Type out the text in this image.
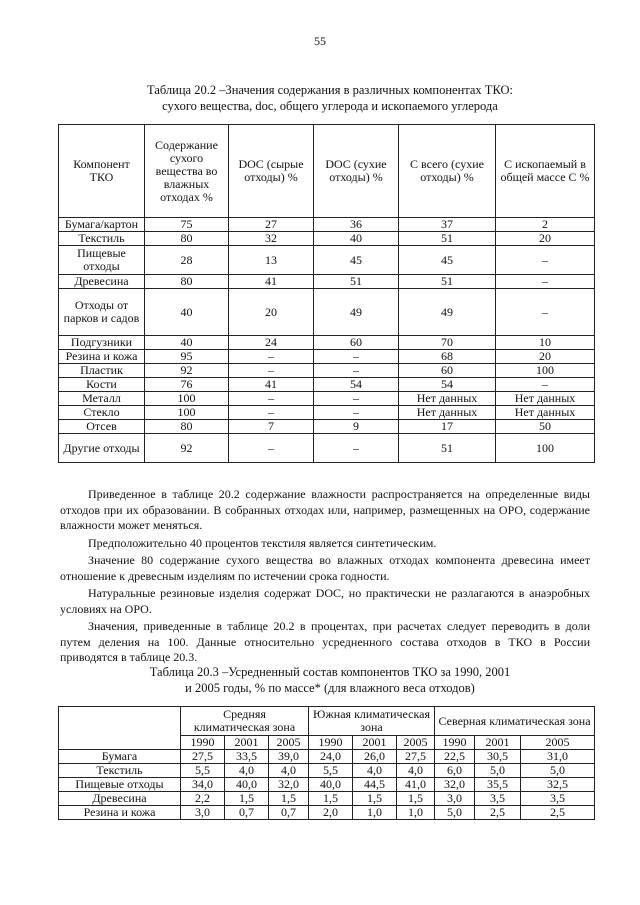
55
Таблица 20.2 –Значения содержания в различных компонентах ТКО:
сухого вещества, doc, общего углерода и ископаемого углерода
Компонент ТКО	Содержание сухого вещества во влажных отходах %	DOC (сырые отходы) %	DOC (сухие отходы) %	С всего (сухие отходы) %	С ископаемый в общей массе С %
Бумага/картон	75	27	36	37	2
Текстиль	80	32	40	51	20
Пищевые отходы	28	13	45	45	–
Древесина	80	41	51	51	–
Отходы от парков и садов	40	20	49	49	–
Подгузники	40	24	60	70	10
Резина и кожа	95	–	–	68	20
Пластик	92	–	–	60	100
Кости	76	41	54	54	–
Металл	100	–	–	Нет данных	Нет данных
Стекло	100	–	–	Нет данных	Нет данных
Отсев	80	7	9	17	50
Другие отходы	92	–	–	51	100

Приведенное в таблице 20.2 содержание влажности распространяется на определенные виды отходов при их образовании. В собранных отходах или, например, размещенных на ОРО, содержание влажности может меняться.

Предположительно 40 процентов текстиля является синтетическим.

Значение 80 содержание сухого вещества во влажных отходах компонента древесина имеет отношение к древесным изделиям по истечении срока годности.

Натуральные резиновые изделия содержат DOC, но практически не разлагаются в анаэробных условиях на ОРО.

Значения, приведенные в таблице 20.2 в процентах, при расчетах следует переводить в доли путем деления на 100. Данные относительно усредненного состава отходов в ТКО в России приводятся в таблице 20.3.

Таблица 20.3 –Усредненный состав компонентов ТКО за 1990, 2001
и 2005 годы, % по массе* (для влажного веса отходов)
	Средняя климатическая зона			Южная климатическая зона			Северная климатическая зона		
	1990	2001	2005	1990	2001	2005	1990	2001	2005
Бумага	27,5	33,5	39,0	24,0	26,0	27,5	22,5	30,5	31,0
Текстиль	5,5	4,0	4,0	5,5	4,0	4,0	6,0	5,0	5,0
Пищевые отходы	34,0	40,0	32,0	40,0	44,5	41,0	32,0	35,5	32,5
Древесина	2,2	1,5	1,5	1,5	1,5	1,5	3,0	3,5	3,5
Резина и кожа	3,0	0,7	0,7	2,0	1,0	1,0	5,0	2,5	2,5
